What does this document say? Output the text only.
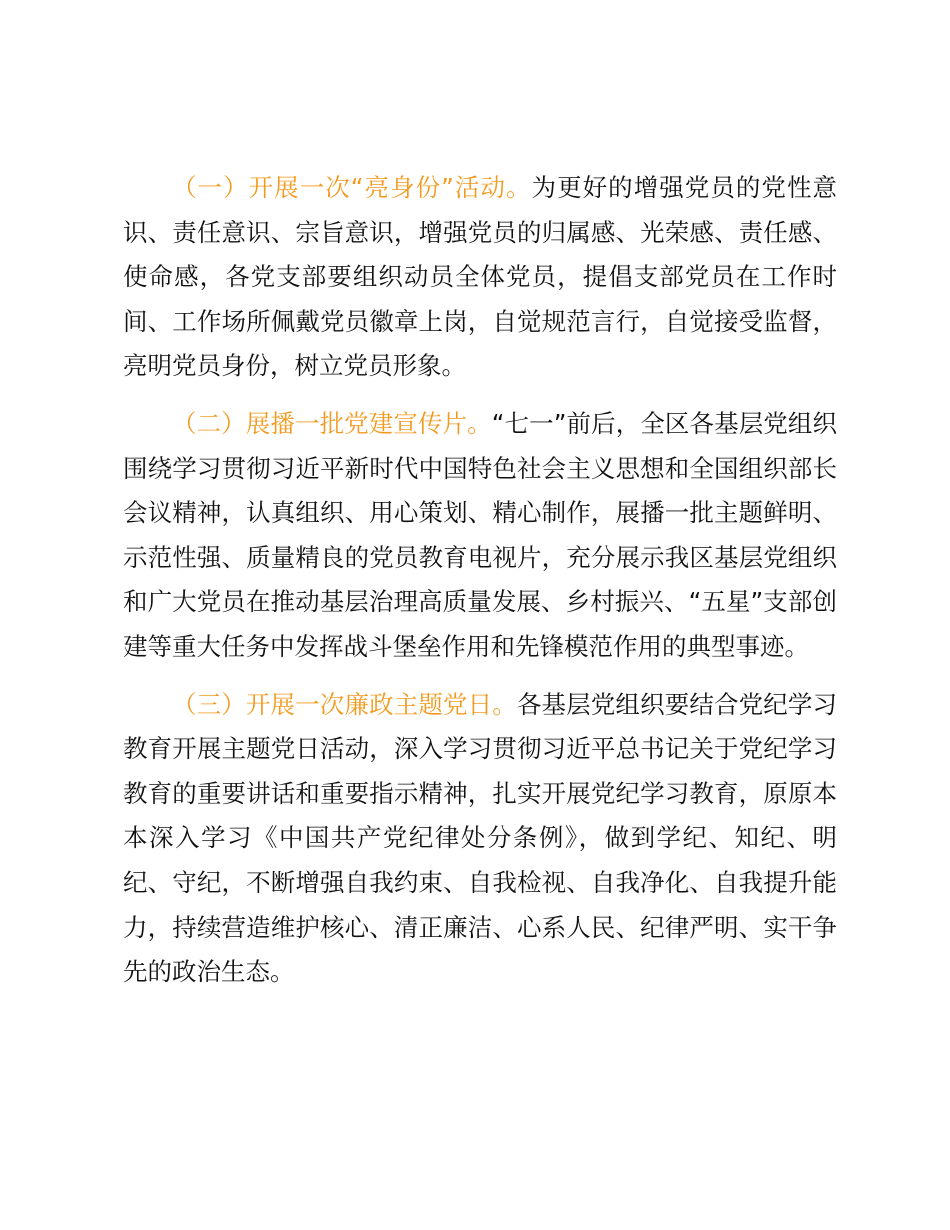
（一）开展一次“亮身份”活动。为更好的增强党员的党性意识、责任意识、宗旨意识，增强党员的归属感、光荣感、责任感、使命感，各党支部要组织动员全体党员，提倡支部党员在工作时间、工作场所佩戴党员徽章上岗，自觉规范言行，自觉接受监督，亮明党员身份，树立党员形象。

（二）展播一批党建宣传片。“七一”前后，全区各基层党组织围绕学习贯彻习近平新时代中国特色社会主义思想和全国组织部长会议精神，认真组织、用心策划、精心制作，展播一批主题鲜明、示范性强、质量精良的党员教育电视片，充分展示我区基层党组织和广大党员在推动基层治理高质量发展、乡村振兴、“五星”支部创建等重大任务中发挥战斗堡垒作用和先锋模范作用的典型事迹。

（三）开展一次廉政主题党日。各基层党组织要结合党纪学习教育开展主题党日活动，深入学习贯彻习近平总书记关于党纪学习教育的重要讲话和重要指示精神，扎实开展党纪学习教育，原原本本深入学习《中国共产党纪律处分条例》，做到学纪、知纪、明纪、守纪，不断增强自我约束、自我检视、自我净化、自我提升能力，持续营造维护核心、清正廉洁、心系人民、纪律严明、实干争先的政治生态。
